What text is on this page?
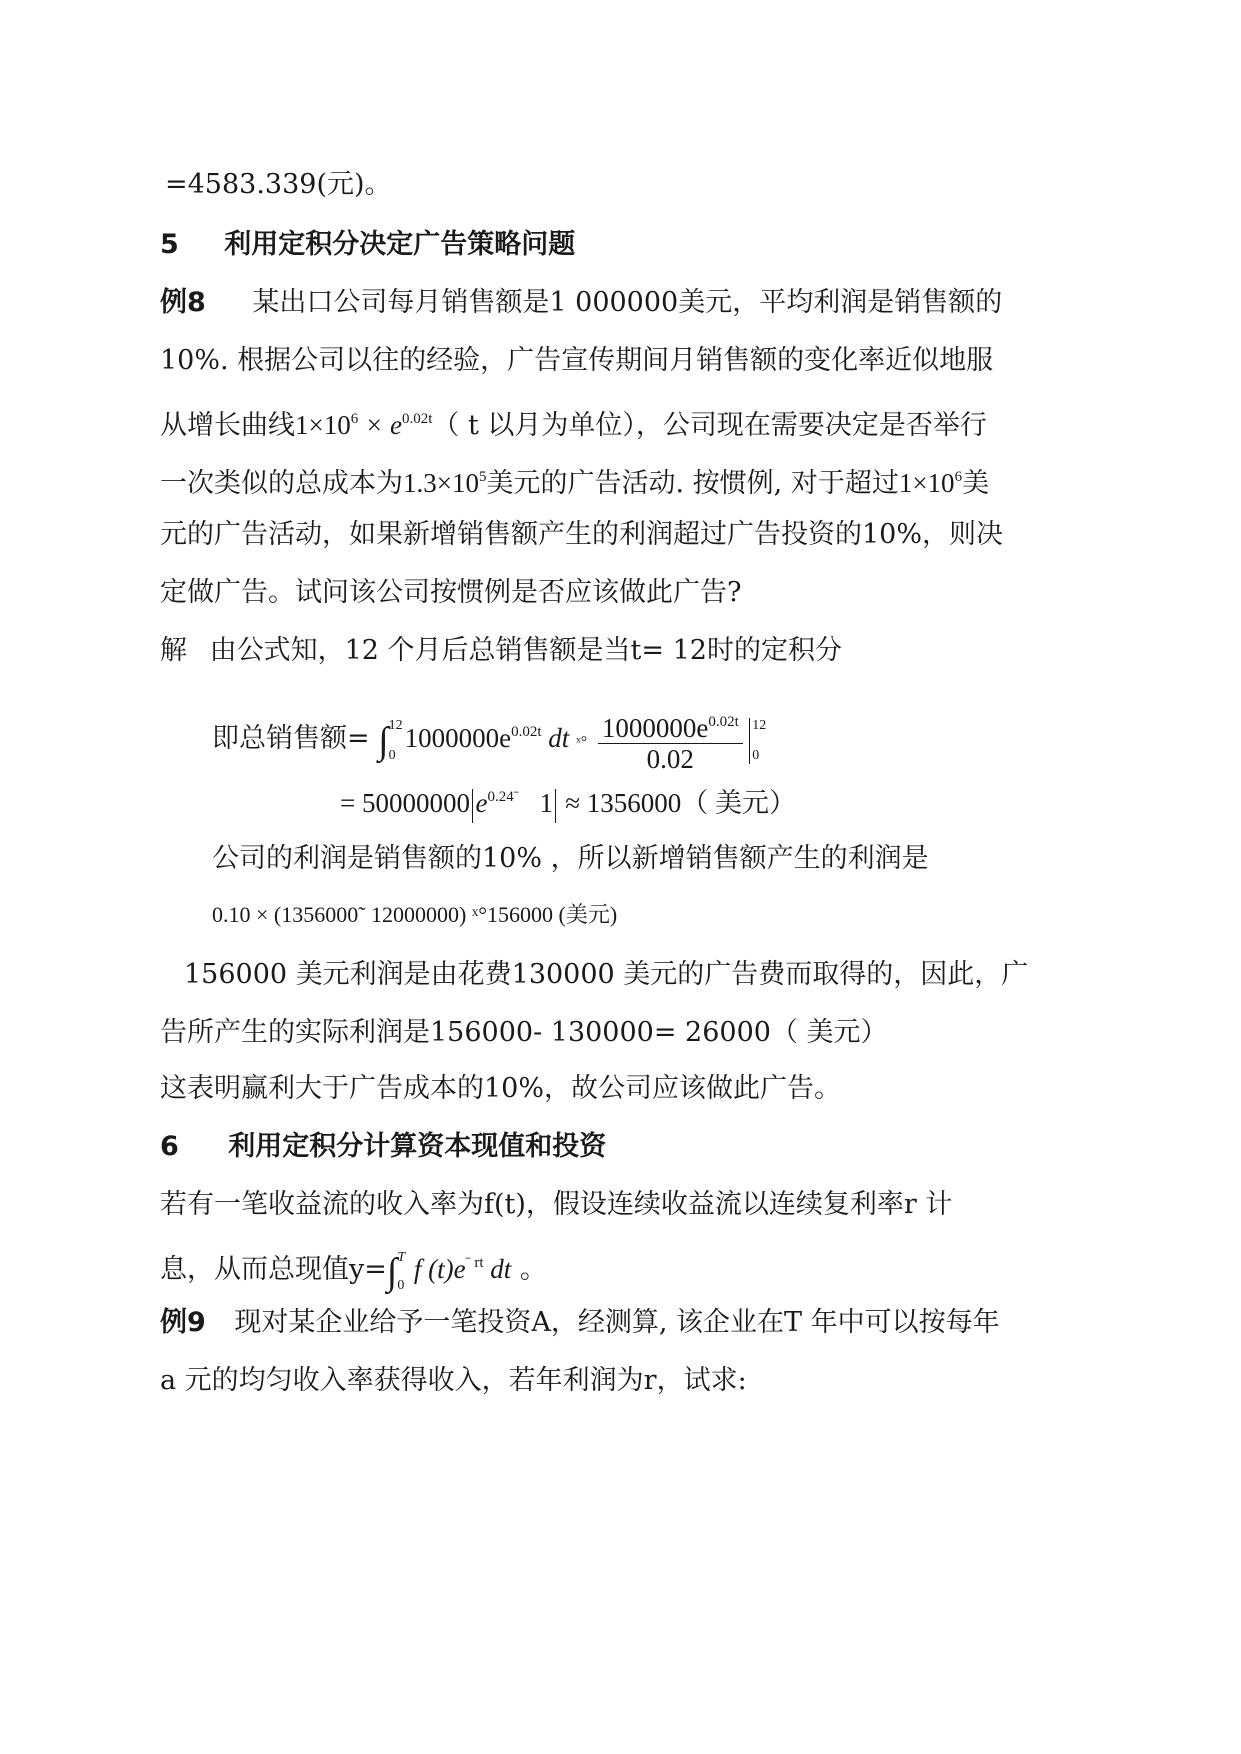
=4583.339(元)。
5 利用定积分决定广告策略问题
例8 某出口公司每月销售额是1 000000美元，平均利润是销售额的
10%. 根据公司以往的经验，广告宣传期间月销售额的变化率近似地服
从增长曲线$1\times 10^6 \times e^{0.02t}$（ t 以月为单位），公司现在需要决定是否举行
一次类似的总成本为$1.3\times 10^5$美元的广告活动. 按惯例, 对于超过$1\times 10^6$美
元的广告活动，如果新增销售额产生的利润超过广告投资的10%，则决
定做广告。试问该公司按惯例是否应该做此广告?
解 由公式知，12 个月后总销售额是当t= 12时的定积分
即总销售额= ∫ 12
0
$1000000e^{0.02t}$ dt ˣ° $\frac{1000000e^{0.02t}}{0.02} 12$
0
= 50000000 $e^{0.24ˉ}$ 1 ≈ 1356000（ 美元）
公司的利润是销售额的10% ，所以新增销售额产生的利润是
0.10 × (1356000˜ 12000000) ˣ°156000 (美元)
156000 美元利润是由花费130000 美元的广告费而取得的，因此，广
告所产生的实际利润是156000- 130000= 26000（ 美元）
这表明赢利大于广告成本的10%，故公司应该做此广告。
6 利用定积分计算资本现值和投资
若有一笔收益流的收入率为f(t)，假设连续收益流以连续复利率r 计
息，从而总现值y=∫ T
0
f $(t)e^{ˉ rt}$ dt 。
例9 现对某企业给予一笔投资A，经测算, 该企业在T 年中可以按每年
a 元的均匀收入率获得收入，若年利润为r，试求:
